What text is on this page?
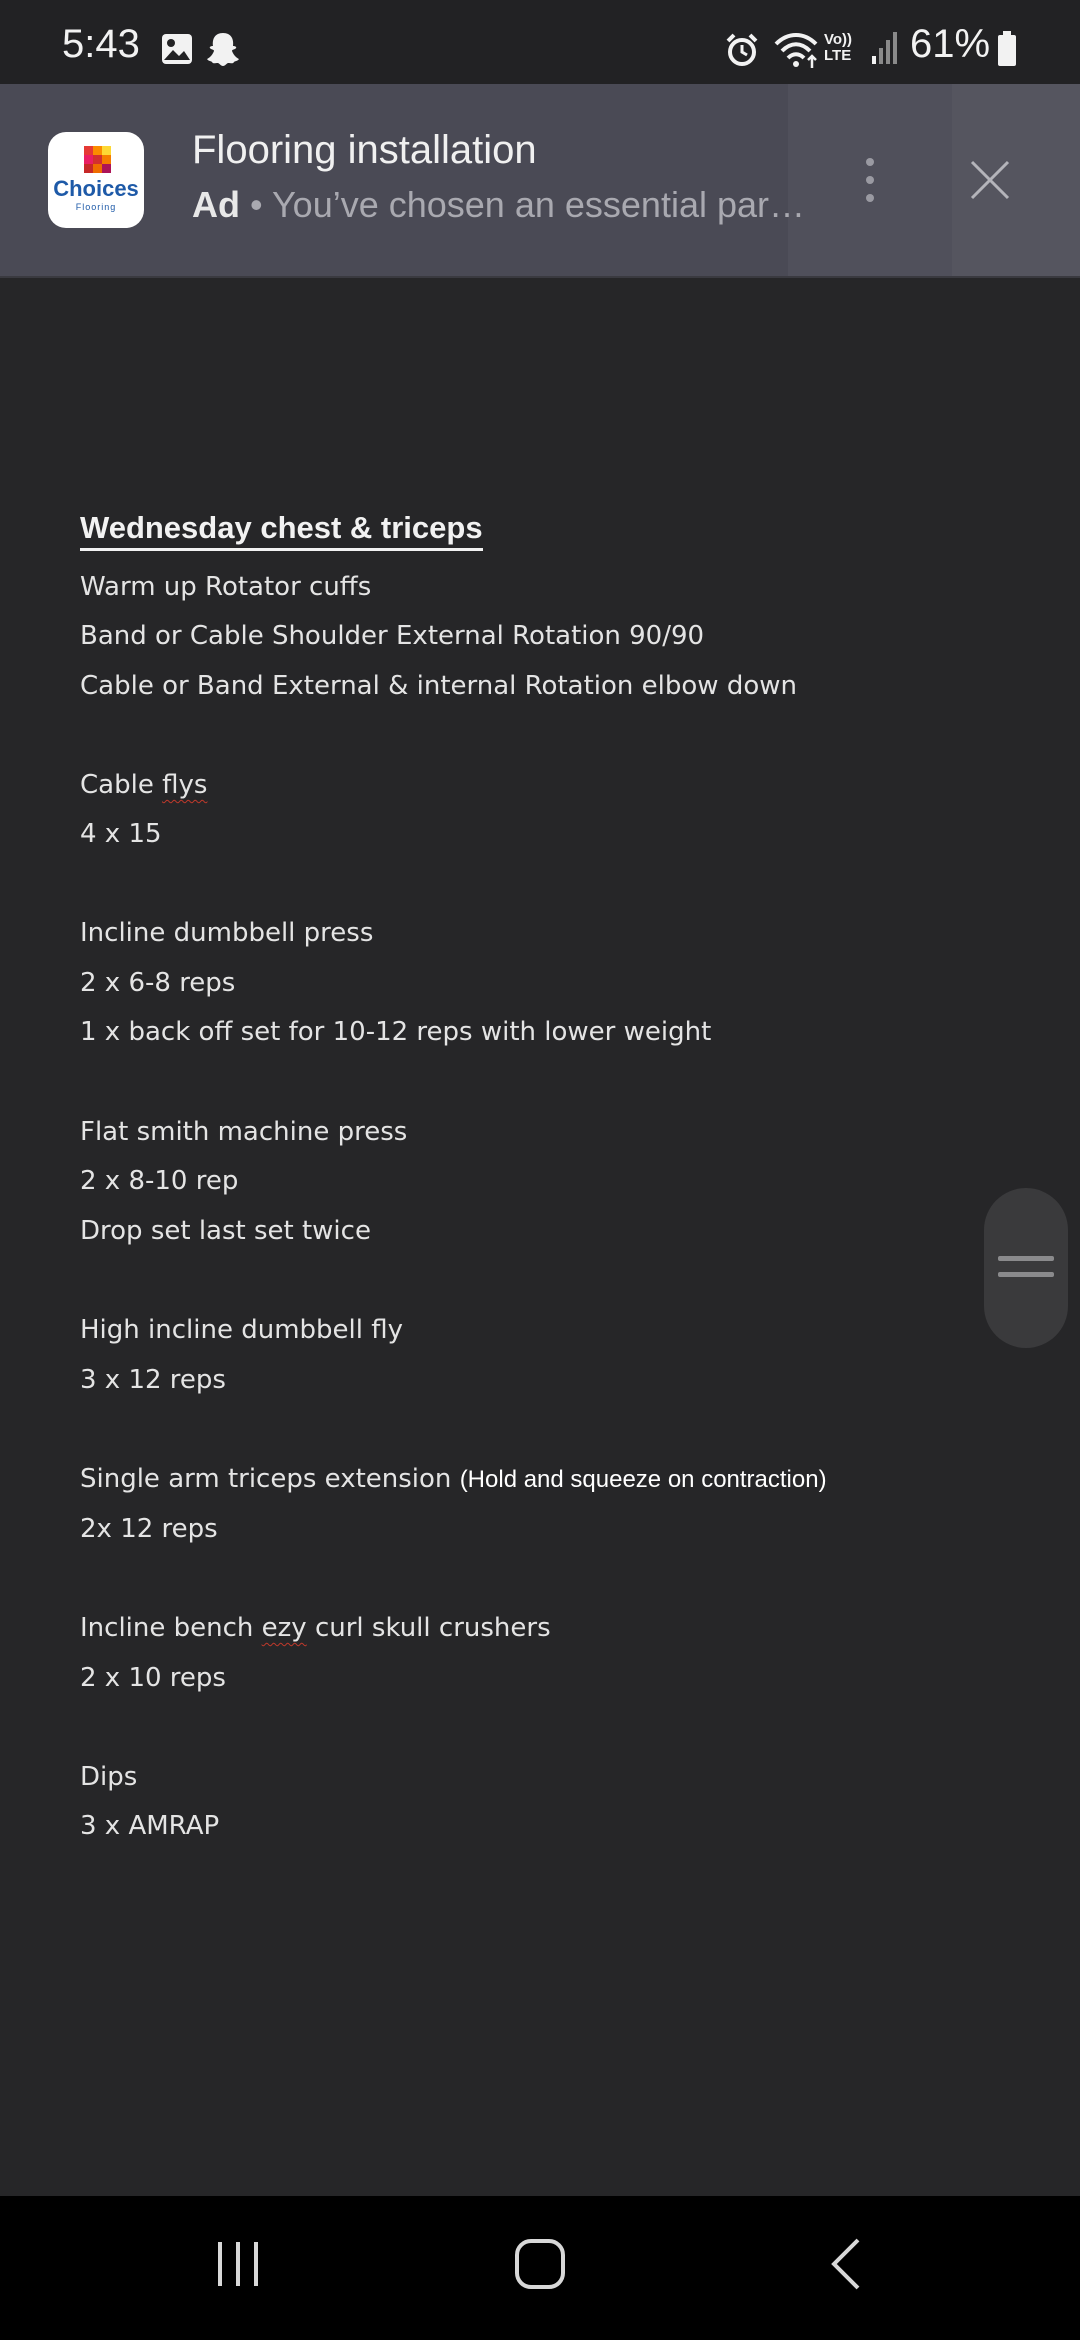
5:43	Vo))
LTE 61%
Choices
Flooring
Flooring installation
Ad • You’ve chosen an essential par…
Wednesday chest & triceps
Warm up Rotator cuffs
Band or Cable Shoulder External Rotation 90/90
Cable or Band External & internal Rotation elbow down
Cable flys
4 x 15
Incline dumbbell press
2 x 6-8 reps
1 x back off set for 10-12 reps with lower weight
Flat smith machine press
2 x 8-10 rep
Drop set last set twice
High incline dumbbell fly
3 x 12 reps
Single arm triceps extension (Hold and squeeze on contraction)
2x 12 reps
Incline bench ezy curl skull crushers
2 x 10 reps
Dips
3 x AMRAP
